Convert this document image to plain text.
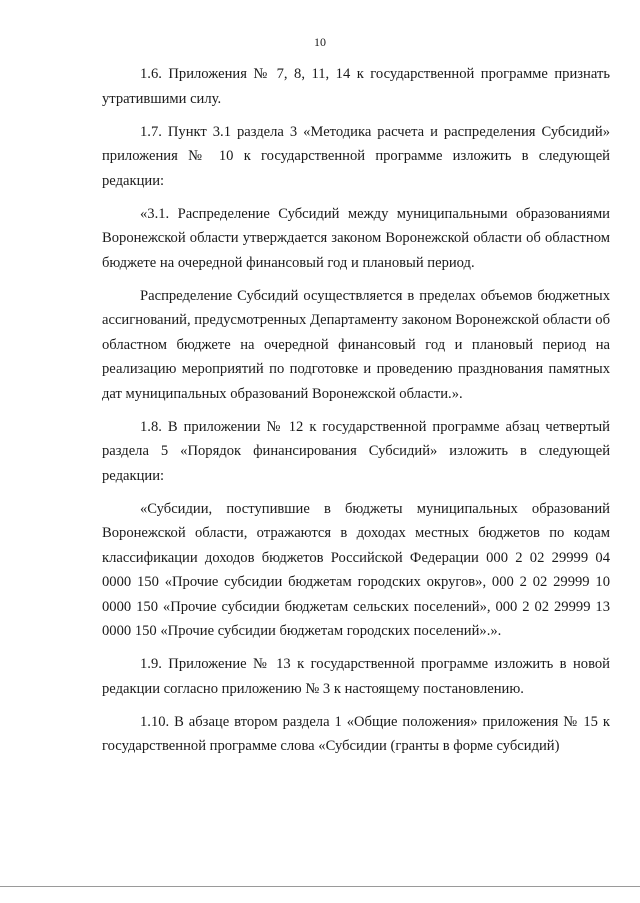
10

1.6. Приложения № 7, 8, 11, 14 к государственной программе признать утратившими силу.

1.7. Пункт 3.1 раздела 3 «Методика расчета и распределения Субсидий» приложения № 10 к государственной программе изложить в следующей редакции:

«3.1. Распределение Субсидий между муниципальными образованиями Воронежской области утверждается законом Воронежской области об областном бюджете на очередной финансовый год и плановый период.

Распределение Субсидий осуществляется в пределах объемов бюджетных ассигнований, предусмотренных Департаменту законом Воронежской области об областном бюджете на очередной финансовый год и плановый период на реализацию мероприятий по подготовке и проведению празднования памятных дат муниципальных образований Воронежской области.».

1.8. В приложении № 12 к государственной программе абзац четвертый раздела 5 «Порядок финансирования Субсидий» изложить в следующей редакции:

«Субсидии, поступившие в бюджеты муниципальных образований Воронежской области, отражаются в доходах местных бюджетов по кодам классификации доходов бюджетов Российской Федерации 000 2 02 29999 04 0000 150 «Прочие субсидии бюджетам городских округов», 000 2 02 29999 10 0000 150 «Прочие субсидии бюджетам сельских поселений», 000 2 02 29999 13 0000 150 «Прочие субсидии бюджетам городских поселений».».

1.9. Приложение № 13 к государственной программе изложить в новой редакции согласно приложению № 3 к настоящему постановлению.

1.10. В абзаце втором раздела 1 «Общие положения» приложения № 15 к государственной программе слова «Субсидии (гранты в форме субсидий)
